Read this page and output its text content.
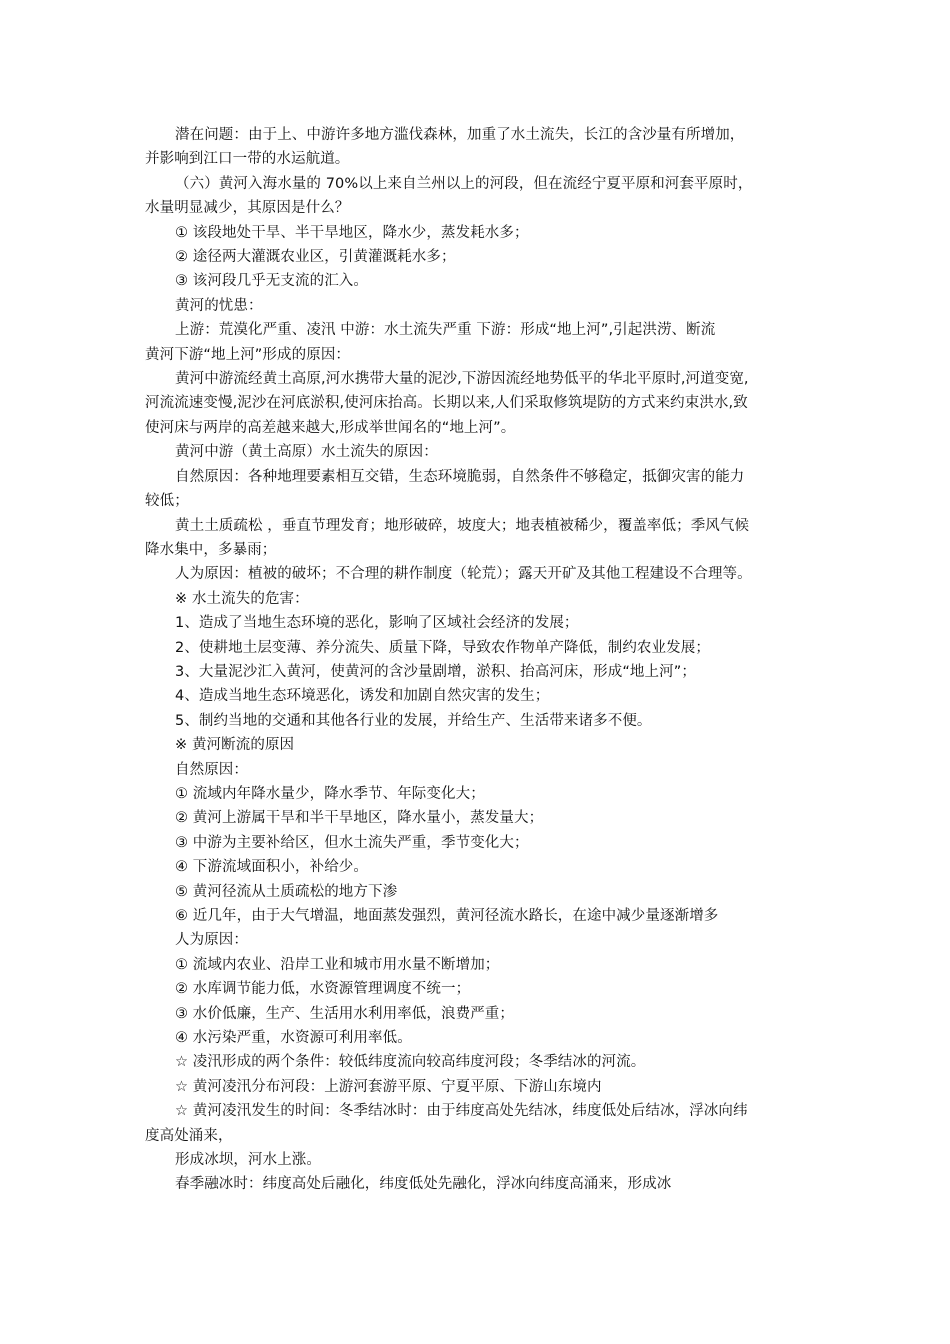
潜在问题：由于上、中游许多地方滥伐森林，加重了水土流失，长江的含沙量有所增加，

并影响到江口一带的水运航道。

（六）黄河入海水量的 70%以上来自兰州以上的河段，但在流经宁夏平原和河套平原时，

水量明显减少，其原因是什么？

① 该段地处干旱、半干旱地区，降水少，蒸发耗水多；

② 途径两大灌溉农业区，引黄灌溉耗水多；

③ 该河段几乎无支流的汇入。

黄河的忧患：

上游：荒漠化严重、凌汛 中游：水土流失严重 下游：形成“地上河”,引起洪涝、断流

黄河下游“地上河”形成的原因：

黄河中游流经黄土高原,河水携带大量的泥沙,下游因流经地势低平的华北平原时,河道变宽,

河流流速变慢,泥沙在河底淤积,使河床抬高。长期以来,人们采取修筑堤防的方式来约束洪水,致

使河床与两岸的高差越来越大,形成举世闻名的“地上河”。

黄河中游（黄土高原）水土流失的原因：

自然原因：各种地理要素相互交错，生态环境脆弱，自然条件不够稳定，抵御灾害的能力

较低；

黄土土质疏松 ，垂直节理发育；地形破碎，坡度大；地表植被稀少，覆盖率低；季风气候

降水集中，多暴雨；

人为原因：植被的破坏；不合理的耕作制度（轮荒）；露天开矿及其他工程建设不合理等。

※ 水土流失的危害：

1、造成了当地生态环境的恶化，影响了区域社会经济的发展；

2、使耕地土层变薄、养分流失、质量下降，导致农作物单产降低，制约农业发展；

3、大量泥沙汇入黄河，使黄河的含沙量剧增，淤积、抬高河床，形成“地上河”；

4、造成当地生态环境恶化，诱发和加剧自然灾害的发生；

5、制约当地的交通和其他各行业的发展，并给生产、生活带来诸多不便。

※ 黄河断流的原因

自然原因：

① 流域内年降水量少，降水季节、年际变化大；

② 黄河上游属干旱和半干旱地区，降水量小，蒸发量大；

③ 中游为主要补给区，但水土流失严重，季节变化大；

④ 下游流域面积小，补给少。

⑤ 黄河径流从土质疏松的地方下渗

⑥ 近几年，由于大气增温，地面蒸发强烈，黄河径流水路长，在途中减少量逐渐增多

人为原因：

① 流域内农业、沿岸工业和城市用水量不断增加；

② 水库调节能力低，水资源管理调度不统一；

③ 水价低廉，生产、生活用水利用率低，浪费严重；

④ 水污染严重，水资源可利用率低。

☆ 凌汛形成的两个条件：较低纬度流向较高纬度河段；冬季结冰的河流。

☆ 黄河凌汛分布河段：上游河套游平原、宁夏平原、下游山东境内

☆ 黄河凌汛发生的时间：冬季结冰时：由于纬度高处先结冰，纬度低处后结冰，浮冰向纬

度高处涌来，

形成冰坝，河水上涨。

春季融冰时：纬度高处后融化，纬度低处先融化，浮冰向纬度高涌来，形成冰
